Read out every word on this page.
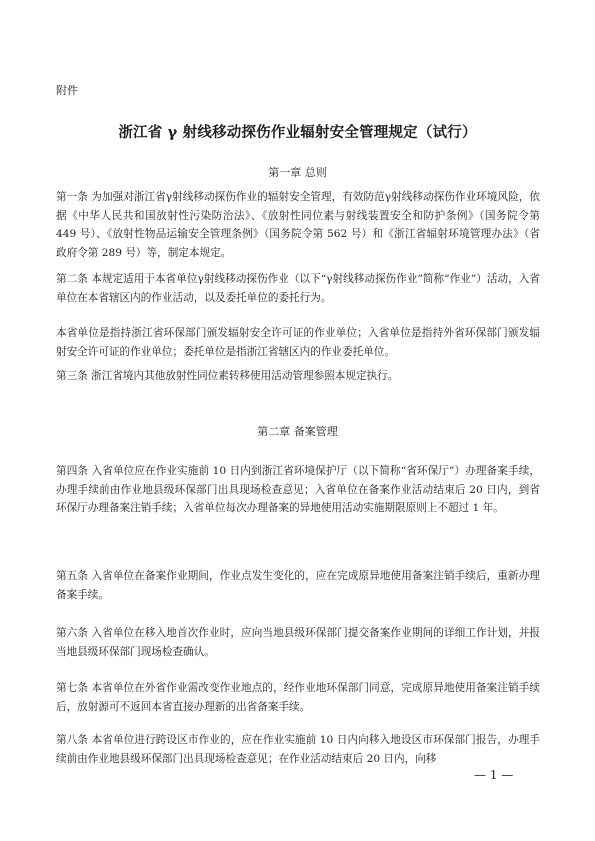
附件
浙江省 γ 射线移动探伤作业辐射安全管理规定（试行）
第一章 总则

第一条 为加强对浙江省γ射线移动探伤作业的辐射安全管理，有效防范γ射线移动探伤作业环境风险，依据《中华人民共和国放射性污染防治法》、《放射性同位素与射线装置安全和防护条例》（国务院令第 449 号）、《放射性物品运输安全管理条例》（国务院令第 562 号）和《浙江省辐射环境管理办法》（省政府令第 289 号）等，制定本规定。

第二条 本规定适用于本省单位γ射线移动探伤作业（以下“γ射线移动探伤作业”简称“作业”）活动，入省单位在本省辖区内的作业活动，以及委托单位的委托行为。

本省单位是指持浙江省环保部门颁发辐射安全许可证的作业单位；入省单位是指持外省环保部门颁发辐射安全许可证的作业单位；委托单位是指浙江省辖区内的作业委托单位。

第三条 浙江省境内其他放射性同位素转移使用活动管理参照本规定执行。

第二章 备案管理

第四条 入省单位应在作业实施前 10 日内到浙江省环境保护厅（以下简称“省环保厅”）办理备案手续，办理手续前由作业地县级环保部门出具现场检查意见；入省单位在备案作业活动结束后 20 日内，到省环保厅办理备案注销手续；入省单位每次办理备案的异地使用活动实施期限原则上不超过 1 年。

第五条 入省单位在备案作业期间，作业点发生变化的，应在完成原异地使用备案注销手续后，重新办理备案手续。

第六条 入省单位在移入地首次作业时，应向当地县级环保部门提交备案作业期间的详细工作计划，并报当地县级环保部门现场检查确认。

第七条 本省单位在外省作业需改变作业地点的，经作业地环保部门同意，完成原异地使用备案注销手续后，放射源可不返回本省直接办理新的出省备案手续。

第八条 本省单位进行跨设区市作业的，应在作业实施前 10 日内向移入地设区市环保部门报告，办理手续前由作业地县级环保部门出具现场检查意见；在作业活动结束后 20 日内，向移

— 1 —
